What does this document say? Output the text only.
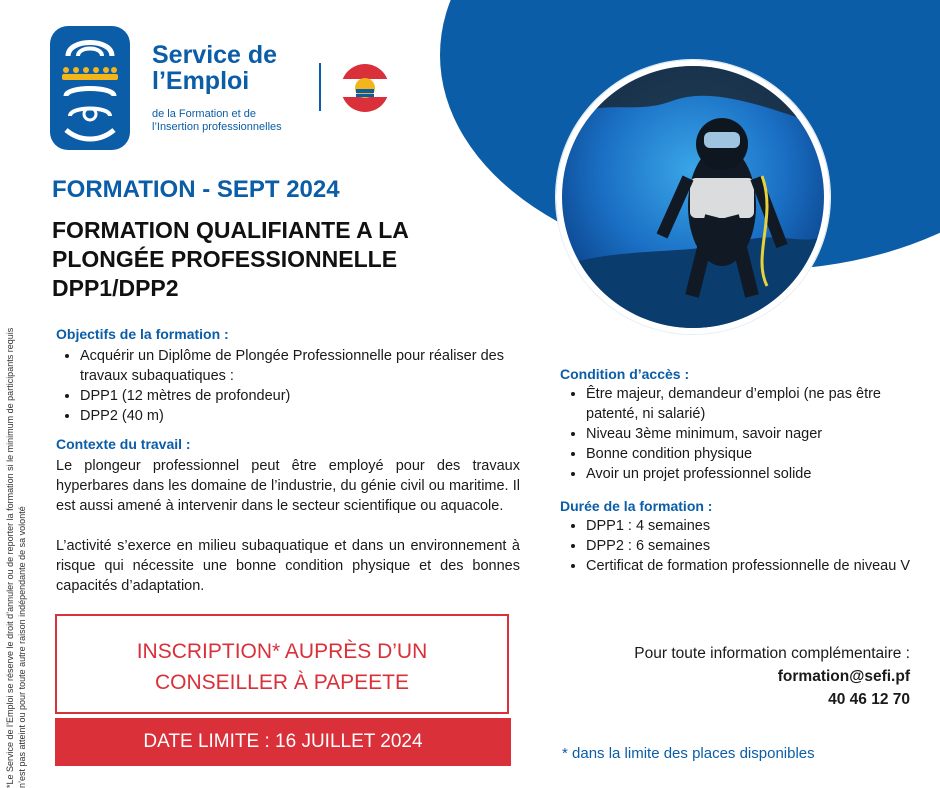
Service de
l’Emploi
de la Formation et de
l’Insertion professionnelles
*Le Service de l’Emploi se réserve le droit d’annuler ou de reporter la formation si le minimum de participants requis n’est pas atteint ou pour toute autre raison indépendante de sa volonté
FORMATION - SEPT 2024
FORMATION QUALIFIANTE A LA
PLONGÉE PROFESSIONNELLE
DPP1/DPP2
Objectifs de la formation :
• Acquérir un Diplôme de Plongée Professionnelle pour réaliser des travaux subaquatiques :
• DPP1 (12 mètres de profondeur)
• DPP2 (40 m)
Contexte du travail :

Le plongeur professionnel peut être employé pour des travaux hyperbares dans les domaine de l’industrie, du génie civil ou maritime. Il est aussi amené à intervenir dans le secteur scientifique ou aquacole.

L’activité s’exerce en milieu subaquatique et dans un environnement à risque qui nécessite une bonne condition physique et des bonnes capacités d’adaptation.

Condition d’accès :
• Être majeur, demandeur d’emploi (ne pas être patenté, ni salarié)
• Niveau 3ème minimum, savoir nager
• Bonne condition physique
• Avoir un projet professionnel solide
Durée de la formation :
• DPP1 : 4 semaines
• DPP2 : 6 semaines
• Certificat de formation professionnelle de niveau V
INSCRIPTION* AUPRÈS D’UN
CONSEILLER À PAPEETE
DATE LIMITE : 16 JUILLET 2024
Pour toute information complémentaire :
formation@sefi.pf
40 46 12 70
* dans la limite des places disponibles
